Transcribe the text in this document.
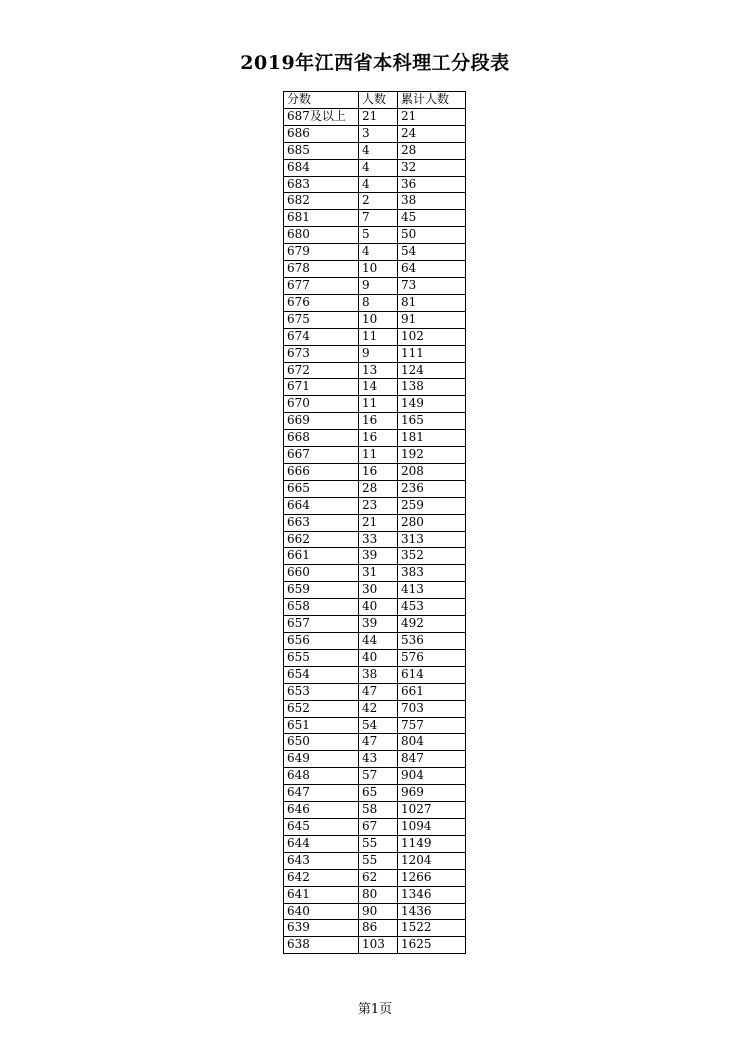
2019年江西省本科理工分段表
分数	人数	累计人数
687及以上	21	21
686	3	24
685	4	28
684	4	32
683	4	36
682	2	38
681	7	45
680	5	50
679	4	54
678	10	64
677	9	73
676	8	81
675	10	91
674	11	102
673	9	111
672	13	124
671	14	138
670	11	149
669	16	165
668	16	181
667	11	192
666	16	208
665	28	236
664	23	259
663	21	280
662	33	313
661	39	352
660	31	383
659	30	413
658	40	453
657	39	492
656	44	536
655	40	576
654	38	614
653	47	661
652	42	703
651	54	757
650	47	804
649	43	847
648	57	904
647	65	969
646	58	1027
645	67	1094
644	55	1149
643	55	1204
642	62	1266
641	80	1346
640	90	1436
639	86	1522
638	103	1625
第1页
